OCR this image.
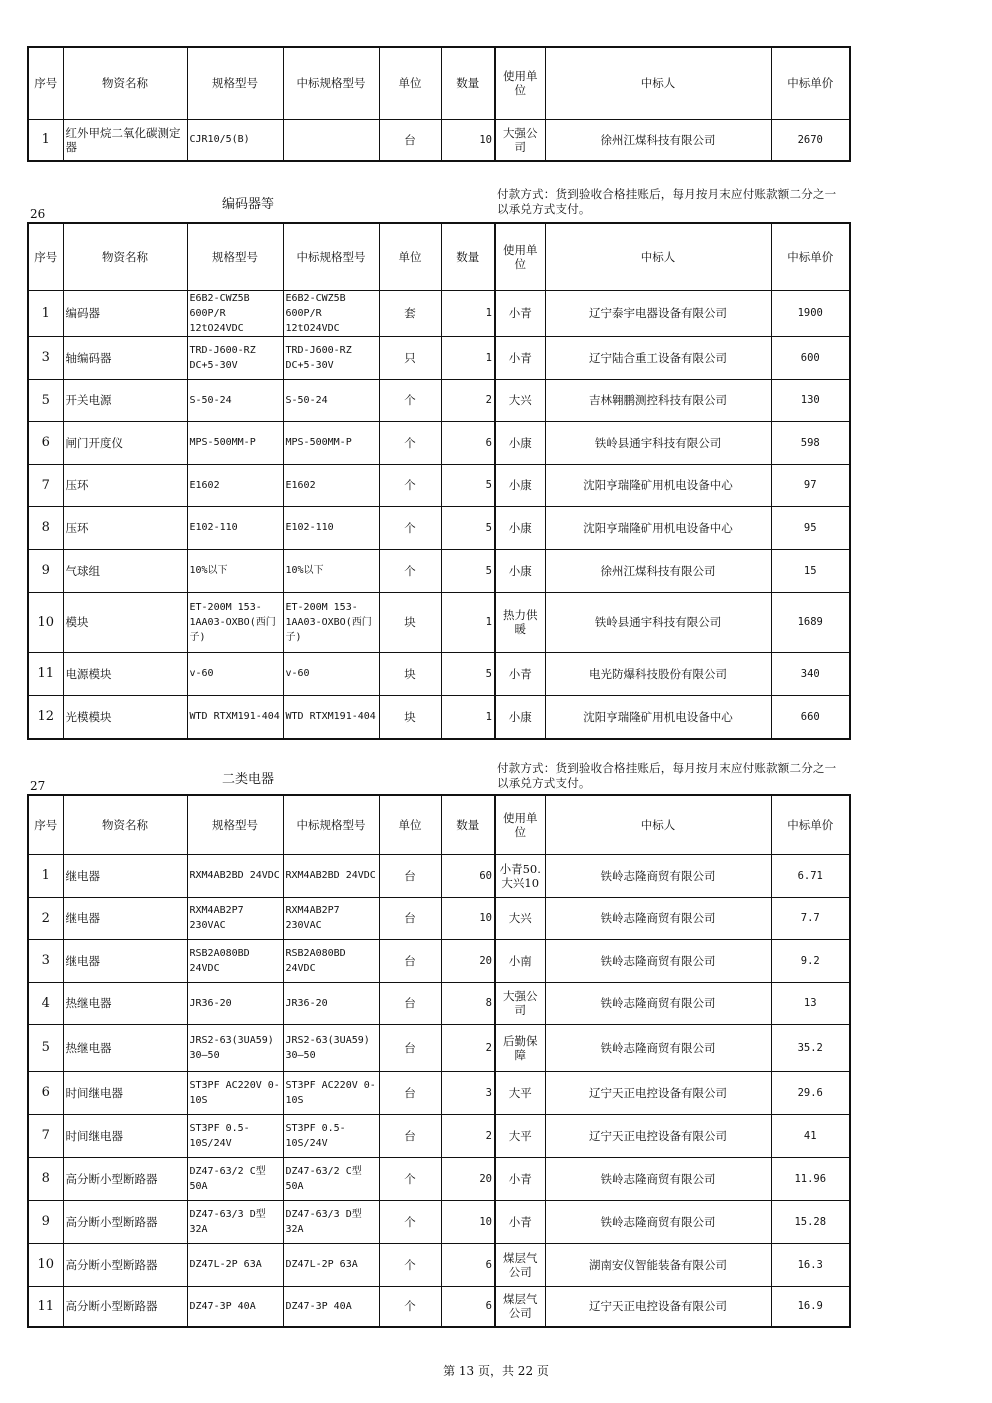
序号	物资名称	规格型号	中标规格型号	单位	数量	使用单位	中标人	中标单价
1	红外甲烷二氧化碳测定器	CJR10/5(B)		台	10	大强公司	徐州江煤科技有限公司	2670
26
编码器等
付款方式：货到验收合格挂账后，每月按月末应付账款额二分之一以承兑方式支付。
序号	物资名称	规格型号	中标规格型号	单位	数量	使用单位	中标人	中标单价
1	编码器	E6B2-CWZ5B 600P/R 12tO24VDC	E6B2-CWZ5B 600P/R 12tO24VDC	套	1	小青	辽宁泰宇电器设备有限公司	1900
3	轴编码器	TRD-J600-RZ DC+5-30V	TRD-J600-RZ DC+5-30V	只	1	小青	辽宁陆合重工设备有限公司	600
5	开关电源	S-50-24	S-50-24	个	2	大兴	吉林翱鹏测控科技有限公司	130
6	闸门开度仪	MPS-500MM-P	MPS-500MM-P	个	6	小康	铁岭县通宇科技有限公司	598
7	压环	E1602	E1602	个	5	小康	沈阳亨瑞隆矿用机电设备中心	97
8	压环	E102-110	E102-110	个	5	小康	沈阳亨瑞隆矿用机电设备中心	95
9	气球组	10%以下	10%以下	个	5	小康	徐州江煤科技有限公司	15
10	模块	ET-200M 153-1AA03-OXBO(西门子)	ET-200M 153-1AA03-OXBO(西门子)	块	1	热力供暖	铁岭县通宇科技有限公司	1689
11	电源模块	v-60	v-60	块	5	小青	电光防爆科技股份有限公司	340
12	光模模块	WTD RTXM191-404	WTD RTXM191-404	块	1	小康	沈阳亨瑞隆矿用机电设备中心	660
27	二类电器
付款方式：货到验收合格挂账后，每月按月末应付账款额二分之一以承兑方式支付。
序号	物资名称	规格型号	中标规格型号	单位	数量	使用单位	中标人	中标单价
1	继电器	RXM4AB2BD 24VDC	RXM4AB2BD 24VDC	台	60	小青50.大兴10	铁岭志隆商贸有限公司	6.71
2	继电器	RXM4AB2P7 230VAC	RXM4AB2P7 230VAC	台	10	大兴	铁岭志隆商贸有限公司	7.7
3	继电器	RSB2A080BD 24VDC	RSB2A080BD 24VDC	台	20	小南	铁岭志隆商贸有限公司	9.2
4	热继电器	JR36-20	JR36-20	台	8	大强公司	铁岭志隆商贸有限公司	13
5	热继电器	JRS2-63(3UA59) 30—50	JRS2-63(3UA59) 30—50	台	2	后勤保障	铁岭志隆商贸有限公司	35.2
6	时间继电器	ST3PF AC220V 0-10S	ST3PF AC220V 0-10S	台	3	大平	辽宁天正电控设备有限公司	29.6
7	时间继电器	ST3PF 0.5-10S/24V	ST3PF 0.5-10S/24V	台	2	大平	辽宁天正电控设备有限公司	41
8	高分断小型断路器	DZ47-63/2 C型 50A	DZ47-63/2 C型 50A	个	20	小青	铁岭志隆商贸有限公司	11.96
9	高分断小型断路器	DZ47-63/3 D型 32A	DZ47-63/3 D型 32A	个	10	小青	铁岭志隆商贸有限公司	15.28
10	高分断小型断路器	DZ47L-2P 63A	DZ47L-2P 63A	个	6	煤层气公司	湖南安仪智能装备有限公司	16.3
11	高分断小型断路器	DZ47-3P 40A	DZ47-3P 40A	个	6	煤层气公司	辽宁天正电控设备有限公司	16.9
第 13 页，共 22 页
